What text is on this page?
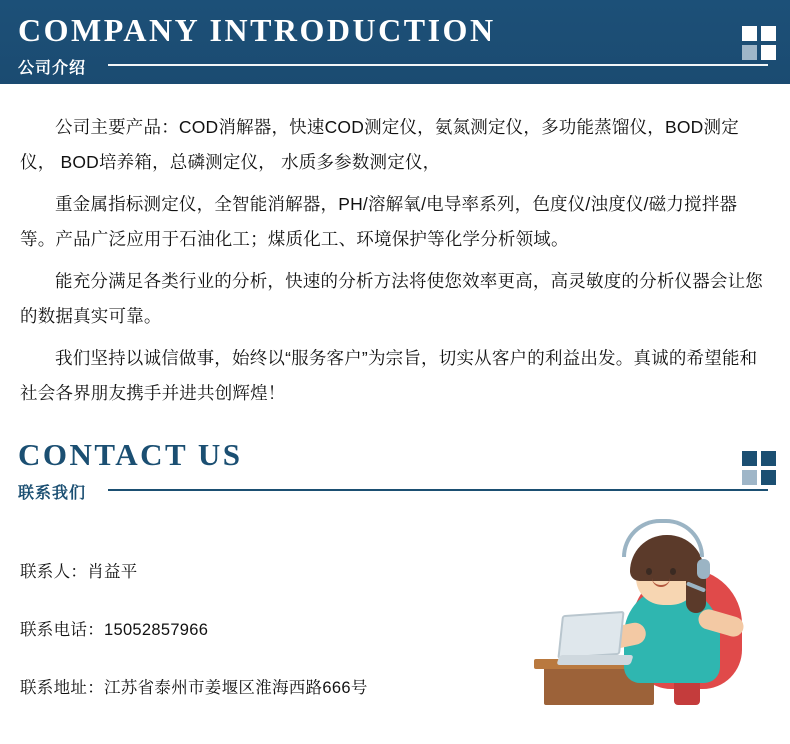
COMPANY INTRODUCTION
公司介绍

公司主要产品：COD消解器，快速COD测定仪，氨氮测定仪，多功能蒸馏仪，BOD测定仪， BOD培养箱，总磷测定仪， 水质多参数测定仪，

重金属指标测定仪，全智能消解器，PH/溶解氧/电导率系列，色度仪/浊度仪/磁力搅拌器等。产品广泛应用于石油化工；煤质化工、环境保护等化学分析领域。

能充分满足各类行业的分析，快速的分析方法将使您效率更高，高灵敏度的分析仪器会让您的数据真实可靠。

我们坚持以诚信做事，始终以“服务客户”为宗旨，切实从客户的利益出发。真诚的希望能和社会各界朋友携手并进共创辉煌！

CONTACT US
联系我们
联系人：肖益平
联系电话：15052857966
联系地址：江苏省泰州市姜堰区淮海西路666号
